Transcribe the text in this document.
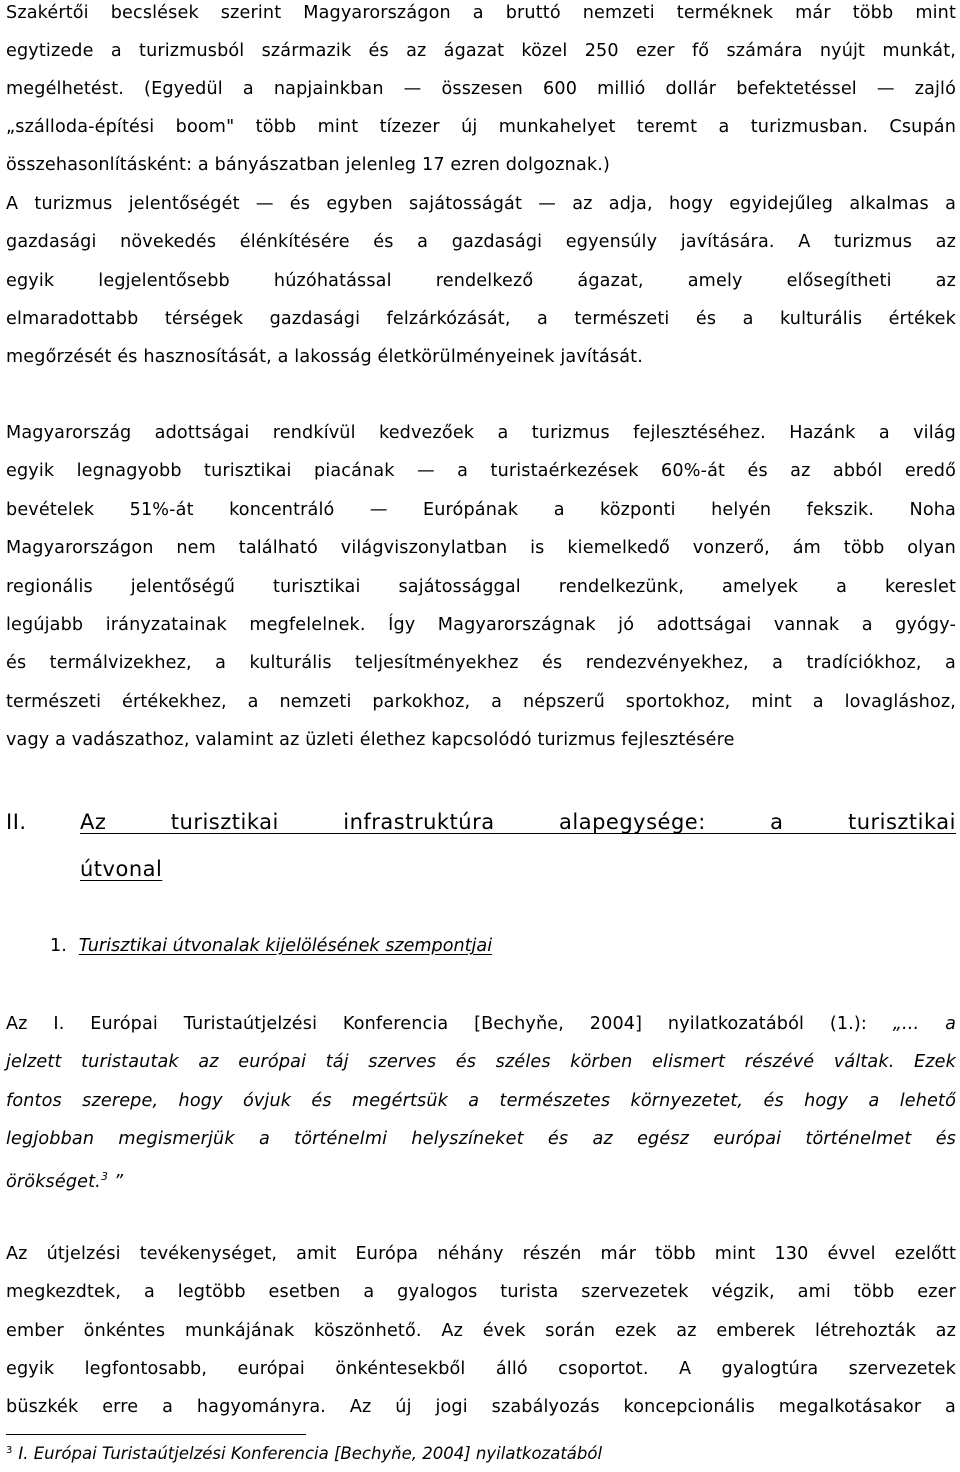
Szakértői becslések szerint Magyarországon a bruttó nemzeti terméknek már több mint
egytizede a turizmusból származik és az ágazat közel 250 ezer fő számára nyújt munkát,
megélhetést. (Egyedül a napjainkban — összesen 600 millió dollár befektetéssel — zajló
„szálloda-építési boom" több mint tízezer új munkahelyet teremt a turizmusban. Csupán
összehasonlításként: a bányászatban jelenleg 17 ezren dolgoznak.)
A turizmus jelentőségét — és egyben sajátosságát — az adja, hogy egyidejűleg alkalmas a
gazdasági növekedés élénkítésére és a gazdasági egyensúly javítására. A turizmus az
egyik legjelentősebb húzóhatással rendelkező ágazat, amely elősegítheti az
elmaradottabb térségek gazdasági felzárkózását, a természeti és a kulturális értékek
megőrzését és hasznosítását, a lakosság életkörülményeinek javítását.
Magyarország adottságai rendkívül kedvezőek a turizmus fejlesztéséhez. Hazánk a világ
egyik legnagyobb turisztikai piacának — a turistaérkezések 60%-át és az abból eredő
bevételek 51%-át koncentráló — Európának a központi helyén fekszik. Noha
Magyarországon nem található világviszonylatban is kiemelkedő vonzerő, ám több olyan
regionális jelentőségű turisztikai sajátossággal rendelkezünk, amelyek a kereslet
legújabb irányzatainak megfelelnek. Így Magyarországnak jó adottságai vannak a gyógy-
és termálvizekhez, a kulturális teljesítményekhez és rendezvényekhez, a tradíciókhoz, a
természeti értékekhez, a nemzeti parkokhoz, a népszerű sportokhoz, mint a lovagláshoz,
vagy a vadászathoz, valamint az üzleti élethez kapcsolódó turizmus fejlesztésére
II.	Az turisztikai infrastruktúra alapegysége: a turisztikai
útvonal
1. Turisztikai útvonalak kijelölésének szempontjai
Az I. Európai Turistaútjelzési Konferencia [Bechyňe, 2004] nyilatkozatából (1.): „... a
jelzett turistautak az európai táj szerves és széles körben elismert részévé váltak. Ezek
fontos szerepe, hogy óvjuk és megértsük a természetes környezetet, és hogy a lehető
legjobban megismerjük a történelmi helyszíneket és az egész európai történelmet és
örökséget.$^3$ ”
Az útjelzési tevékenységet, amit Európa néhány részén már több mint 130 évvel ezelőtt
megkezdtek, a legtöbb esetben a gyalogos turista szervezetek végzik, ami több ezer
ember önkéntes munkájának köszönhető. Az évek során ezek az emberek létrehozták az
egyik legfontosabb, európai önkéntesekből álló csoportot. A gyalogtúra szervezetek
büszkék erre a hagyományra. Az új jogi szabályozás koncepcionális megalkotásakor a
$^3$ I. Európai Turistaútjelzési Konferencia [Bechyňe, 2004] nyilatkozatából
